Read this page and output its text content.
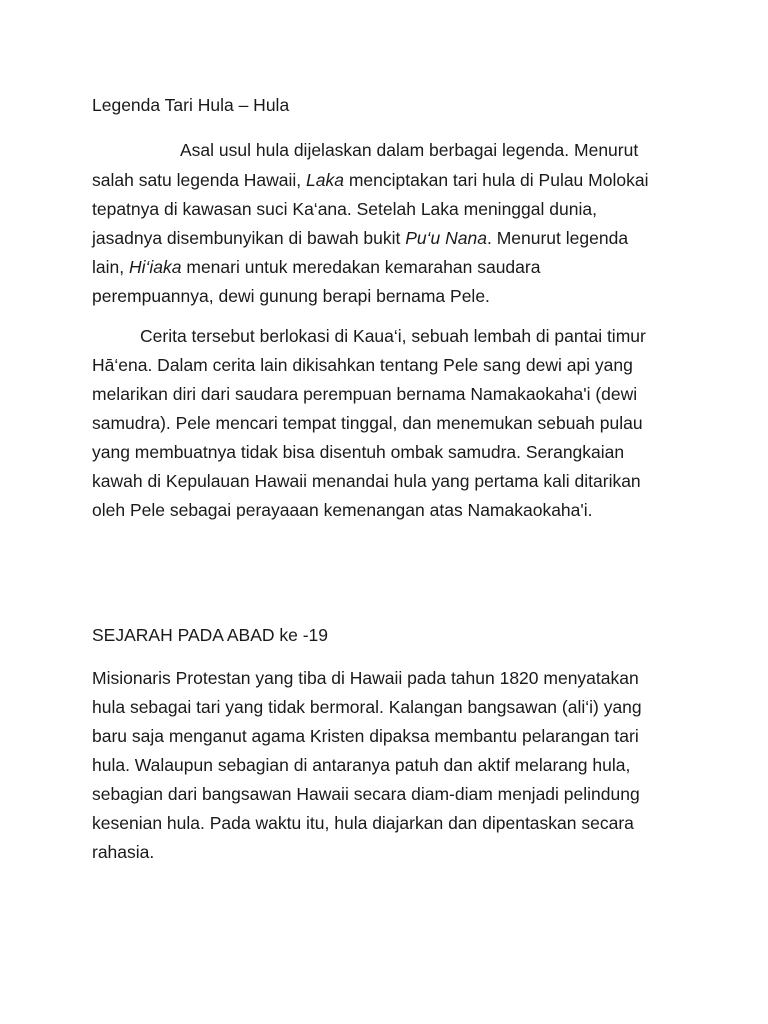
Legenda Tari Hula – Hula

Asal usul hula dijelaskan dalam berbagai legenda. Menurut

salah satu legenda Hawaii, Laka menciptakan tari hula di Pulau Molokai

tepatnya di kawasan suci Ka‘ana. Setelah Laka meninggal dunia,

jasadnya disembunyikan di bawah bukit Pu‘u Nana. Menurut legenda

lain, Hi‘iaka menari untuk meredakan kemarahan saudara

perempuannya, dewi gunung berapi bernama Pele.

Cerita tersebut berlokasi di Kaua‘i, sebuah lembah di pantai timur

Hā‘ena. Dalam cerita lain dikisahkan tentang Pele sang dewi api yang

melarikan diri dari saudara perempuan bernama Namakaokaha'i (dewi

samudra). Pele mencari tempat tinggal, dan menemukan sebuah pulau

yang membuatnya tidak bisa disentuh ombak samudra. Serangkaian

kawah di Kepulauan Hawaii menandai hula yang pertama kali ditarikan

oleh Pele sebagai perayaaan kemenangan atas Namakaokaha'i.

SEJARAH PADA ABAD ke -19

Misionaris Protestan yang tiba di Hawaii pada tahun 1820 menyatakan

hula sebagai tari yang tidak bermoral. Kalangan bangsawan (ali‘i) yang

baru saja menganut agama Kristen dipaksa membantu pelarangan tari

hula. Walaupun sebagian di antaranya patuh dan aktif melarang hula,

sebagian dari bangsawan Hawaii secara diam-diam menjadi pelindung

kesenian hula. Pada waktu itu, hula diajarkan dan dipentaskan secara

rahasia.
